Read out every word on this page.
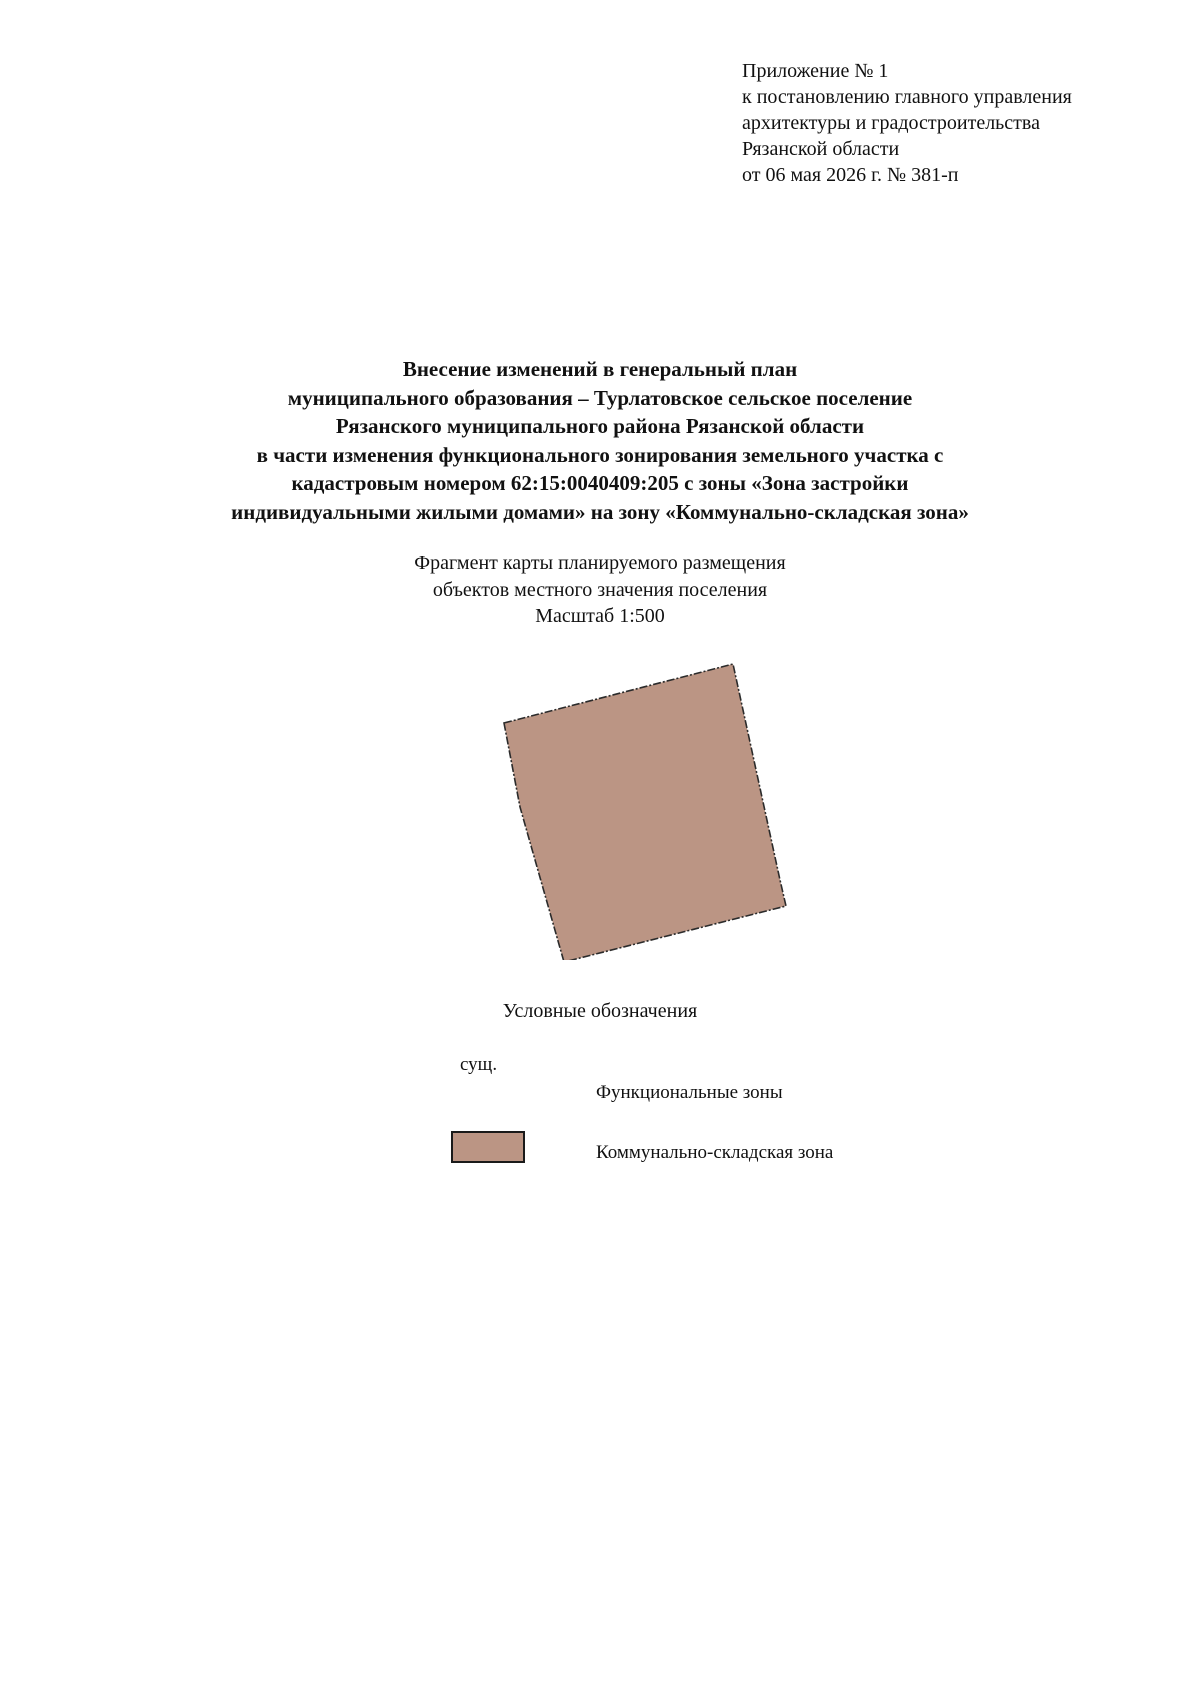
Приложение № 1
к постановлению главного управления
архитектуры и градостроительства
Рязанской области
от 06 мая 2026 г. № 381-п
Внесение изменений в генеральный план
муниципального образования – Турлатовское сельское поселение
Рязанского муниципального района Рязанской области
в части изменения функционального зонирования земельного участка с
кадастровым номером 62:15:0040409:205 с зоны «Зона застройки
индивидуальными жилыми домами» на зону «Коммунально-складская зона»
Фрагмент карты планируемого размещения
объектов местного значения поселения
Масштаб 1:500
Условные обозначения
сущ.
Функциональные зоны
Коммунально-складская зона
